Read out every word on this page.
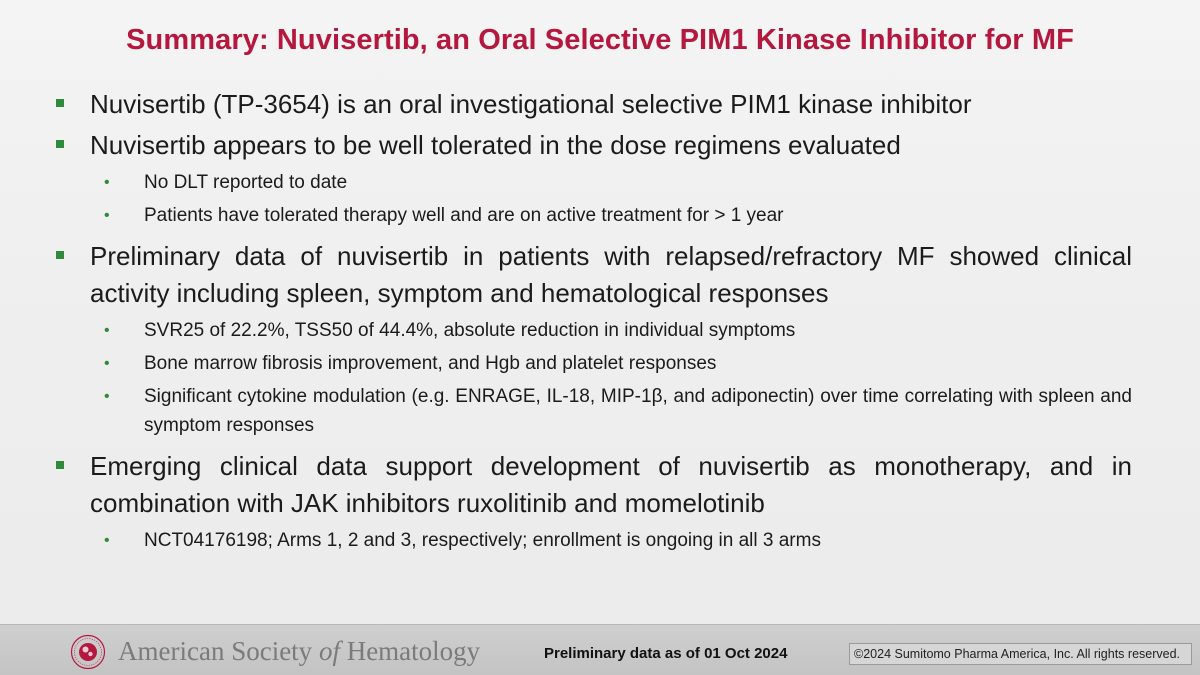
Summary: Nuvisertib, an Oral Selective PIM1 Kinase Inhibitor for MF
Nuvisertib (TP-3654) is an oral investigational selective PIM1 kinase inhibitor
Nuvisertib appears to be well tolerated in the dose regimens evaluated
• No DLT reported to date
• Patients have tolerated therapy well and are on active treatment for > 1 year
Preliminary data of nuvisertib in patients with relapsed/refractory MF showed clinical activity including spleen, symptom and hematological responses
• SVR25 of 22.2%, TSS50 of 44.4%, absolute reduction in individual symptoms
• Bone marrow fibrosis improvement, and Hgb and platelet responses
• Significant cytokine modulation (e.g. ENRAGE, IL-18, MIP-1β, and adiponectin) over time correlating with spleen and symptom responses
Emerging clinical data support development of nuvisertib as monotherapy, and in combination with JAK inhibitors ruxolitinib and momelotinib
• NCT04176198; Arms 1, 2 and 3, respectively; enrollment is ongoing in all 3 arms
American Society of Hematology	Preliminary data as of 01 Oct 2024	©2024 Sumitomo Pharma America, Inc. All rights reserved.
